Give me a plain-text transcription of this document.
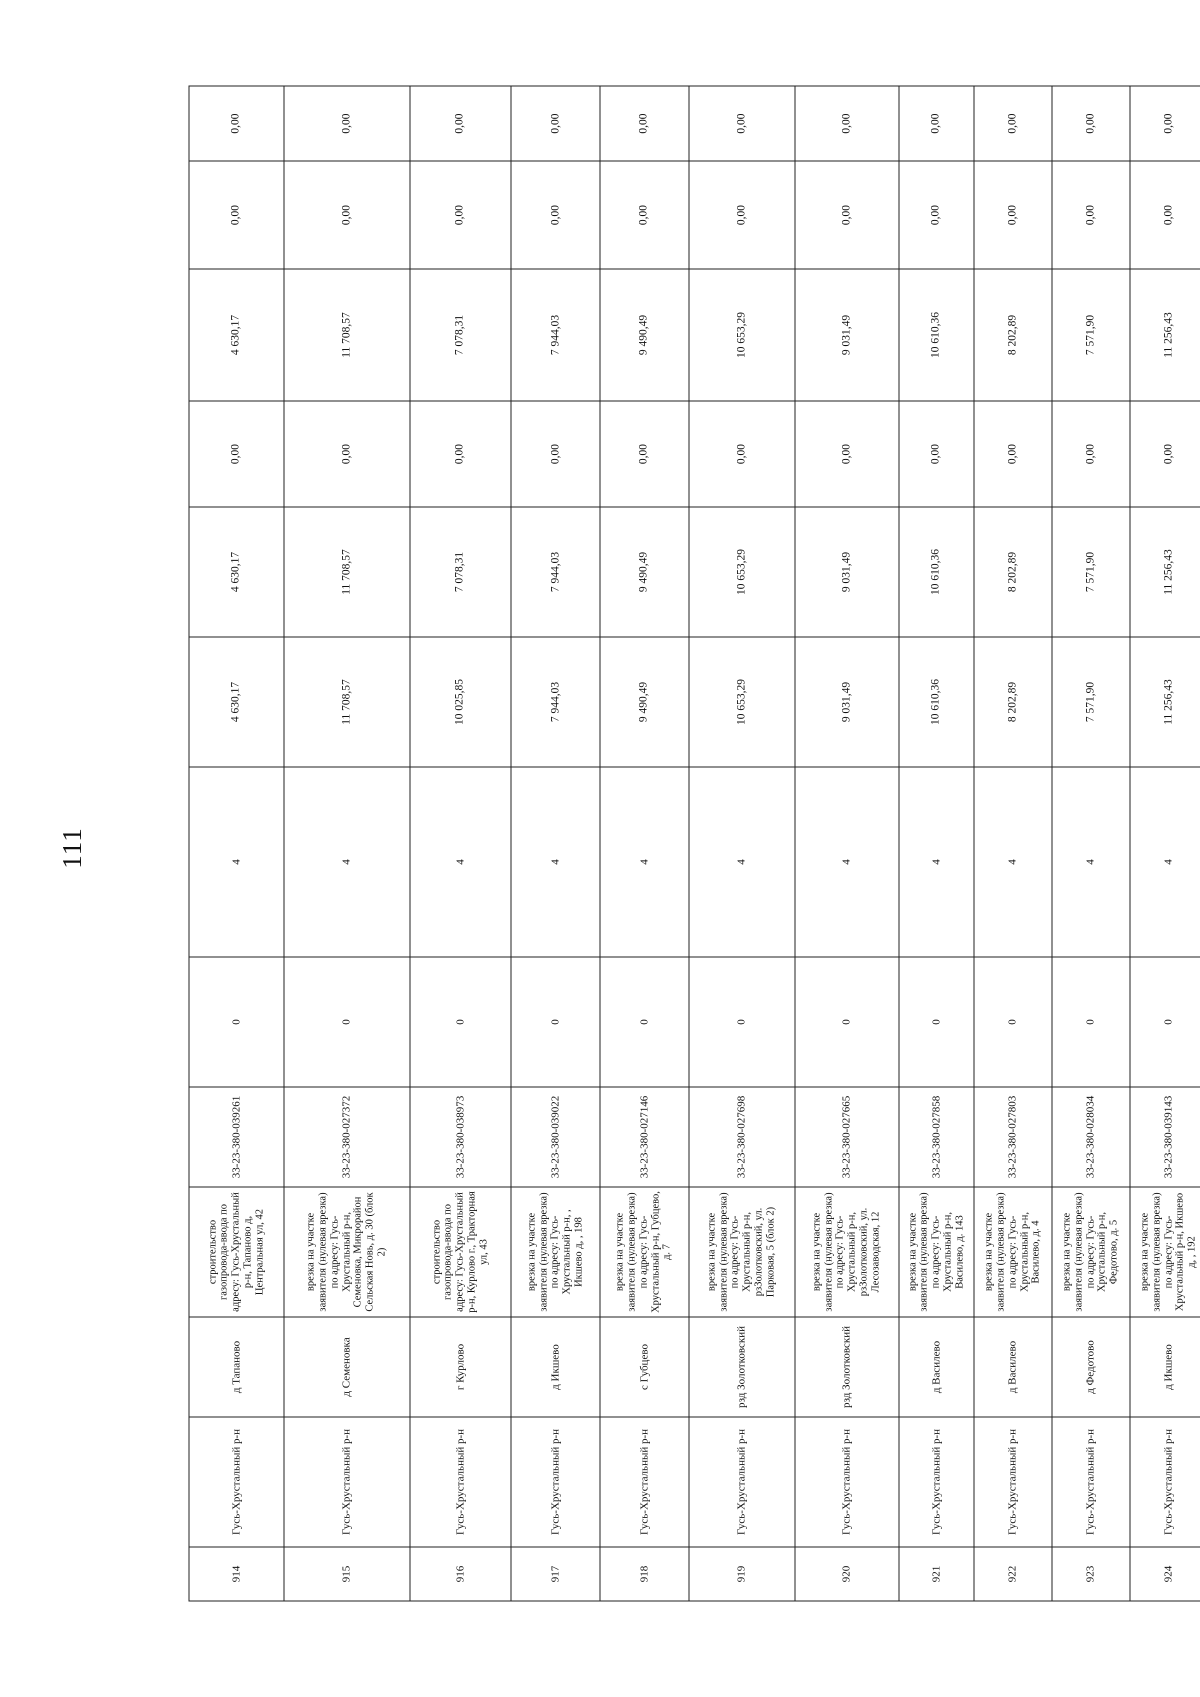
111
914	Гусь-Хрустальный р-н	д Тапаново	строительство газопровода-ввода по адресу: Гусь-Хрустальный р-н, Тапаново д, Центральная ул, 42	33-23-380-039261	0	4	4 630,17	4 630,17	0,00	4 630,17	0,00	0,00
915	Гусь-Хрустальный р-н	д Семеновка	врезка на участке заявителя (нулевая врезка) по адресу: Гусь-Хрустальный р-н, Семеновка, Микрорайон Сельская Новь, д. 30 (блок 2)	33-23-380-027372	0	4	11 708,57	11 708,57	0,00	11 708,57	0,00	0,00
916	Гусь-Хрустальный р-н	г Курлово	строительство газопровода-ввода по адресу: Гусь-Хрустальный р-н, Курлово г., Тракторная ул, 43	33-23-380-038973	0	4	10 025,85	7 078,31	0,00	7 078,31	0,00	0,00
917	Гусь-Хрустальный р-н	д Икшево	врезка на участке заявителя (нулевая врезка) по адресу: Гусь-Хрустальный р-н, , Икшево д, , 198	33-23-380-039022	0	4	7 944,03	7 944,03	0,00	7 944,03	0,00	0,00
918	Гусь-Хрустальный р-н	с Губцево	врезка на участке заявителя (нулевая врезка) по адресу: Гусь-Хрустальный р-н, Губцево, д. 7	33-23-380-027146	0	4	9 490,49	9 490,49	0,00	9 490,49	0,00	0,00
919	Гусь-Хрустальный р-н	рзд Золотковский	врезка на участке заявителя (нулевая врезка) по адресу: Гусь-Хрустальный р-н, рзЗолотковский, ул. Парковая, 5 (блок 2)	33-23-380-027698	0	4	10 653,29	10 653,29	0,00	10 653,29	0,00	0,00
920	Гусь-Хрустальный р-н	рзд Золотковский	врезка на участке заявителя (нулевая врезка) по адресу: Гусь-Хрустальный р-н, рзЗолотковский, ул. Лесозаводская, 12	33-23-380-027665	0	4	9 031,49	9 031,49	0,00	9 031,49	0,00	0,00
921	Гусь-Хрустальный р-н	д Василево	врезка на участке заявителя (нулевая врезка) по адресу: Гусь-Хрустальный р-н, Василево, д. 143	33-23-380-027858	0	4	10 610,36	10 610,36	0,00	10 610,36	0,00	0,00
922	Гусь-Хрустальный р-н	д Василево	врезка на участке заявителя (нулевая врезка) по адресу: Гусь-Хрустальный р-н, Василево, д. 4	33-23-380-027803	0	4	8 202,89	8 202,89	0,00	8 202,89	0,00	0,00
923	Гусь-Хрустальный р-н	д Федотово	врезка на участке заявителя (нулевая врезка) по адресу: Гусь-Хрустальный р-н, Федотово, д. 5	33-23-380-028034	0	4	7 571,90	7 571,90	0,00	7 571,90	0,00	0,00
924	Гусь-Хрустальный р-н	д Икшево	врезка на участке заявителя (нулевая врезка) по адресу: Гусь-Хрустальный р-н, Икшево д, , 192	33-23-380-039143	0	4	11 256,43	11 256,43	0,00	11 256,43	0,00	0,00
